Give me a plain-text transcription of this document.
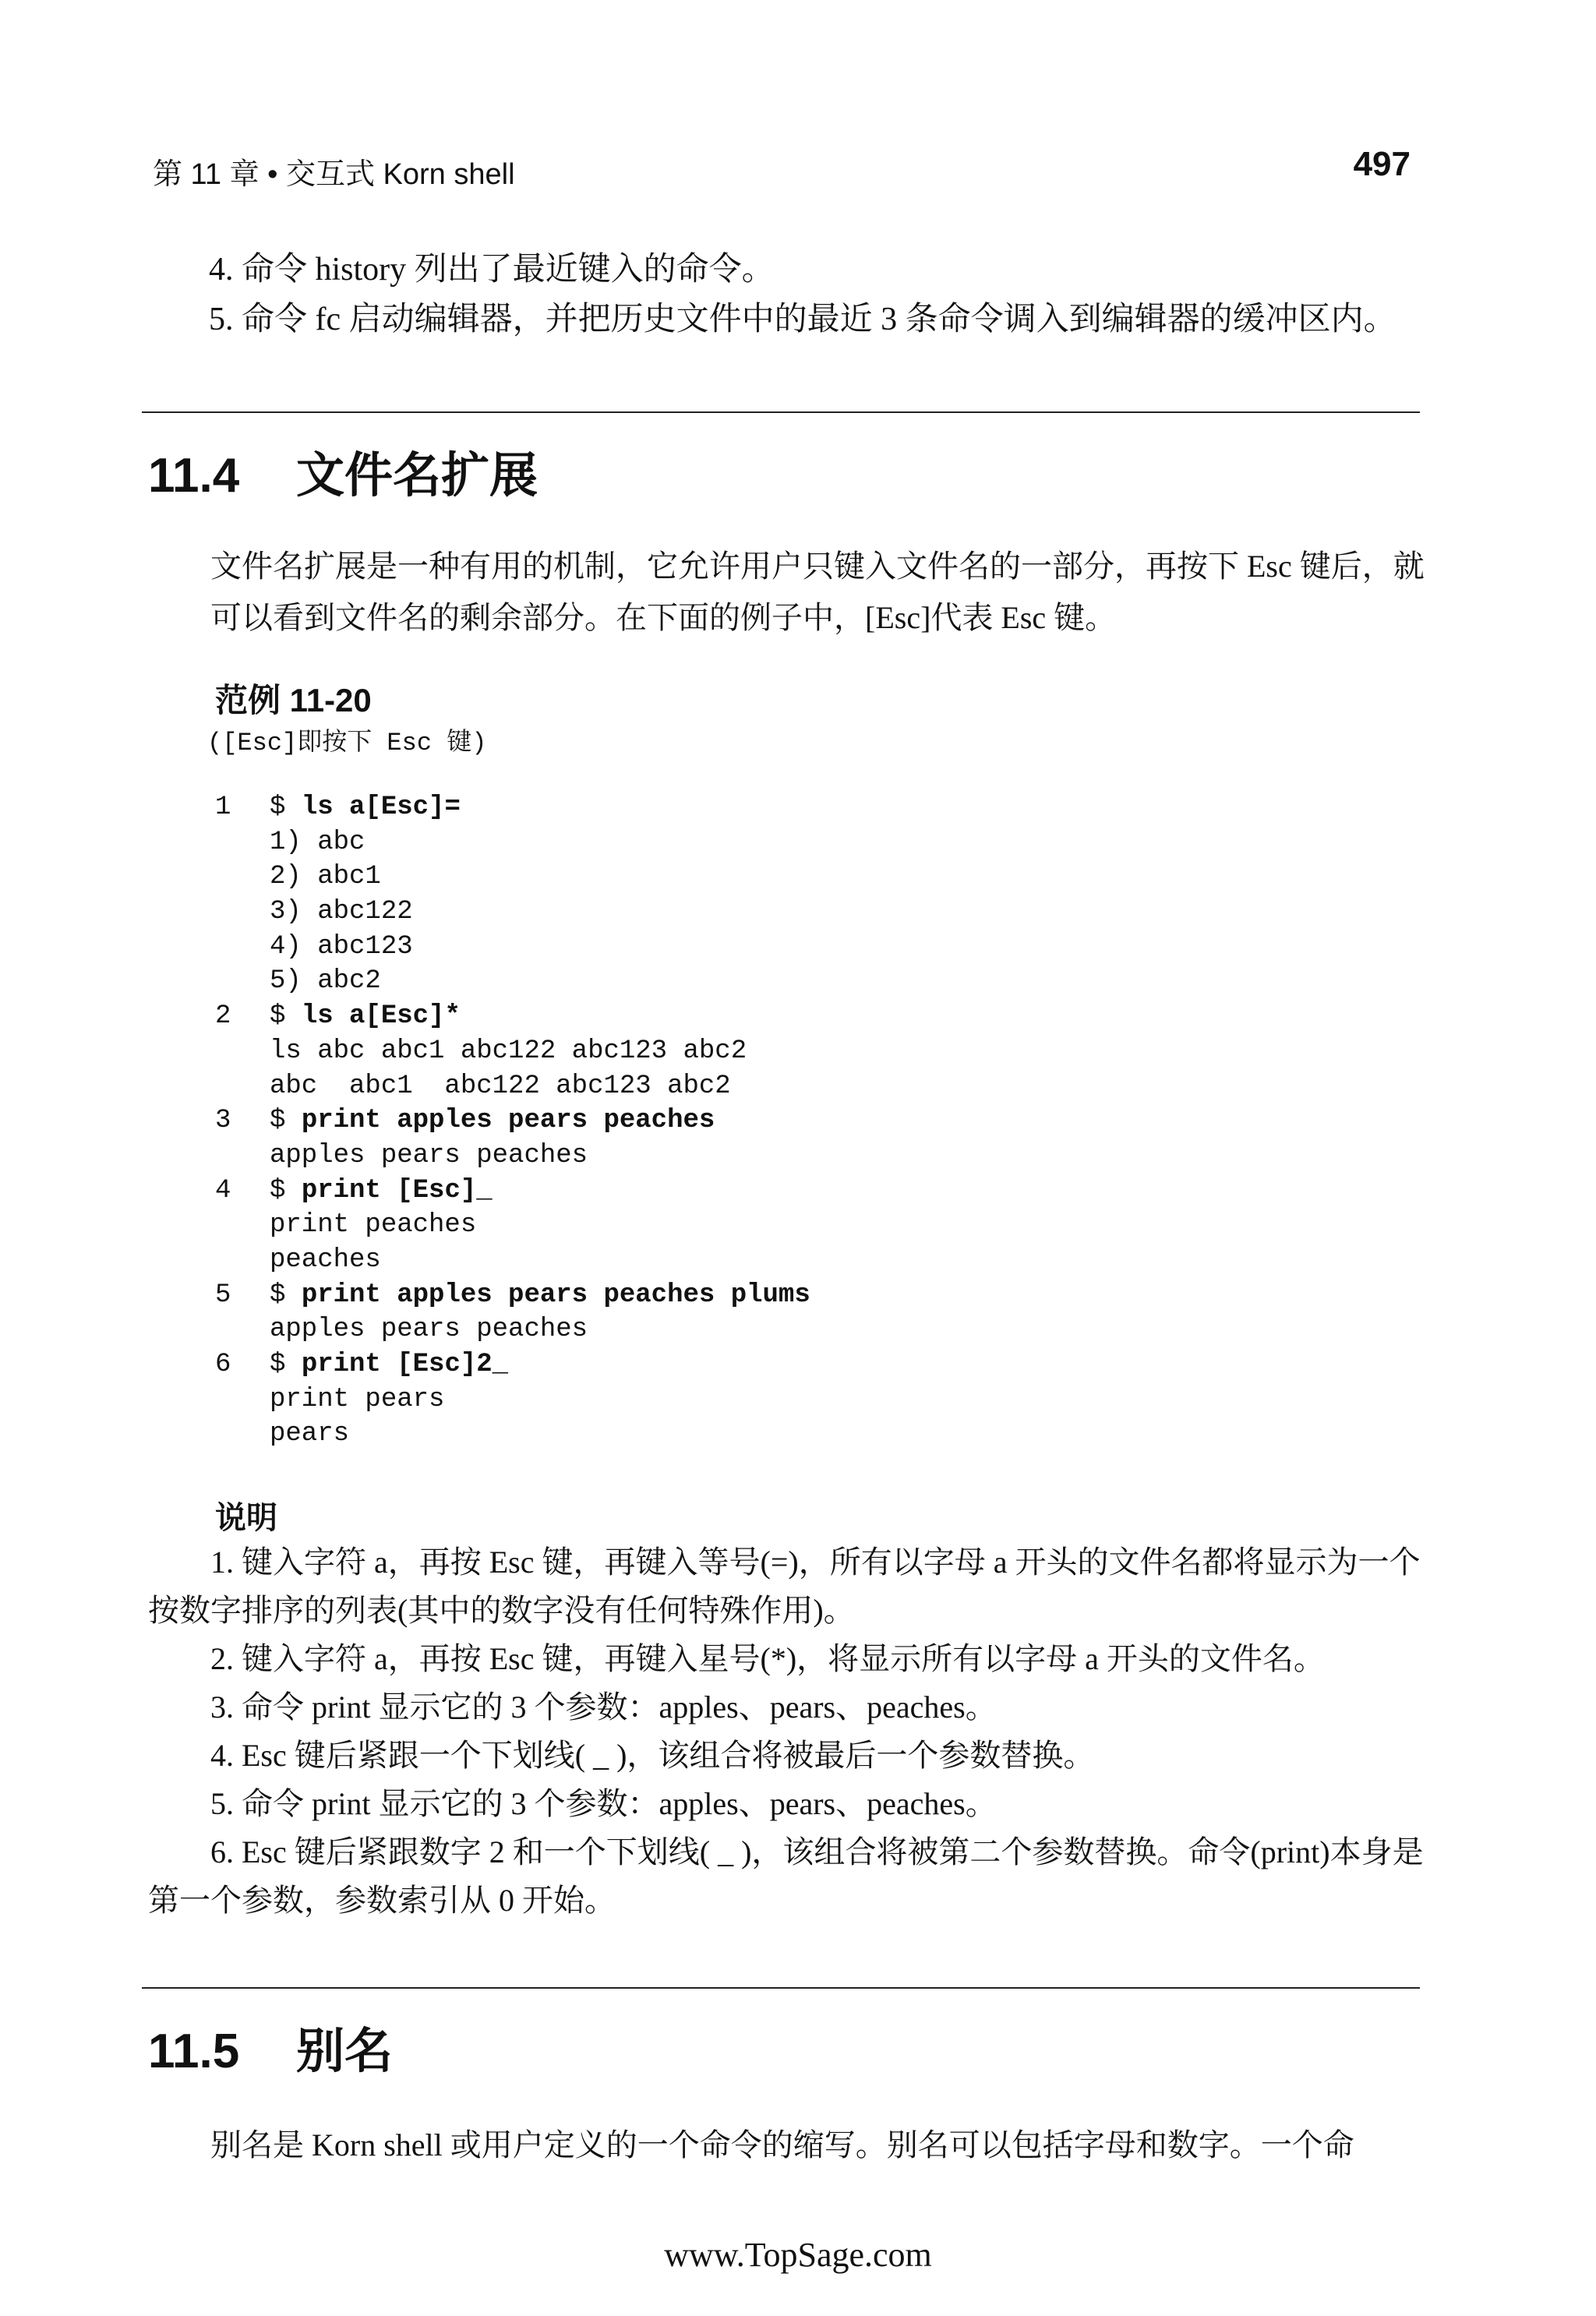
第 11 章 • 交互式 Korn shell	497
4. 命令 history 列出了最近键入的命令。
5. 命令 fc 启动编辑器，并把历史文件中的最近 3 条命令调入到编辑器的缓冲区内。
11.4 文件名扩展
文件名扩展是一种有用的机制，它允许用户只键入文件名的一部分，再按下 Esc 键后，就可以看到文件名的剩余部分。在下面的例子中，[Esc]代表 Esc 键。
范例 11-20
([Esc]即按下 Esc 键)
1 $ ls a[Esc]=
1) abc
2) abc1
3) abc122
4) abc123
5) abc2
2 $ ls a[Esc]*
ls abc abc1 abc122 abc123 abc2
abc  abc1  abc122 abc123 abc2
3 $ print apples pears peaches
apples pears peaches
4 $ print [Esc]_
print peaches
peaches
5 $ print apples pears peaches plums
apples pears peaches
6 $ print [Esc]2_
print pears
pears
说明
1. 键入字符 a，再按 Esc 键，再键入等号(=)，所有以字母 a 开头的文件名都将显示为一个按数字排序的列表(其中的数字没有任何特殊作用)。
2. 键入字符 a，再按 Esc 键，再键入星号(*)，将显示所有以字母 a 开头的文件名。
3. 命令 print 显示它的 3 个参数：apples、pears、peaches。
4. Esc 键后紧跟一个下划线( _ )，该组合将被最后一个参数替换。
5. 命令 print 显示它的 3 个参数：apples、pears、peaches。
6. Esc 键后紧跟数字 2 和一个下划线( _ )，该组合将被第二个参数替换。命令(print)本身是第一个参数，参数索引从 0 开始。
11.5 别名
别名是 Korn shell 或用户定义的一个命令的缩写。别名可以包括字母和数字。一个命
www.TopSage.com
